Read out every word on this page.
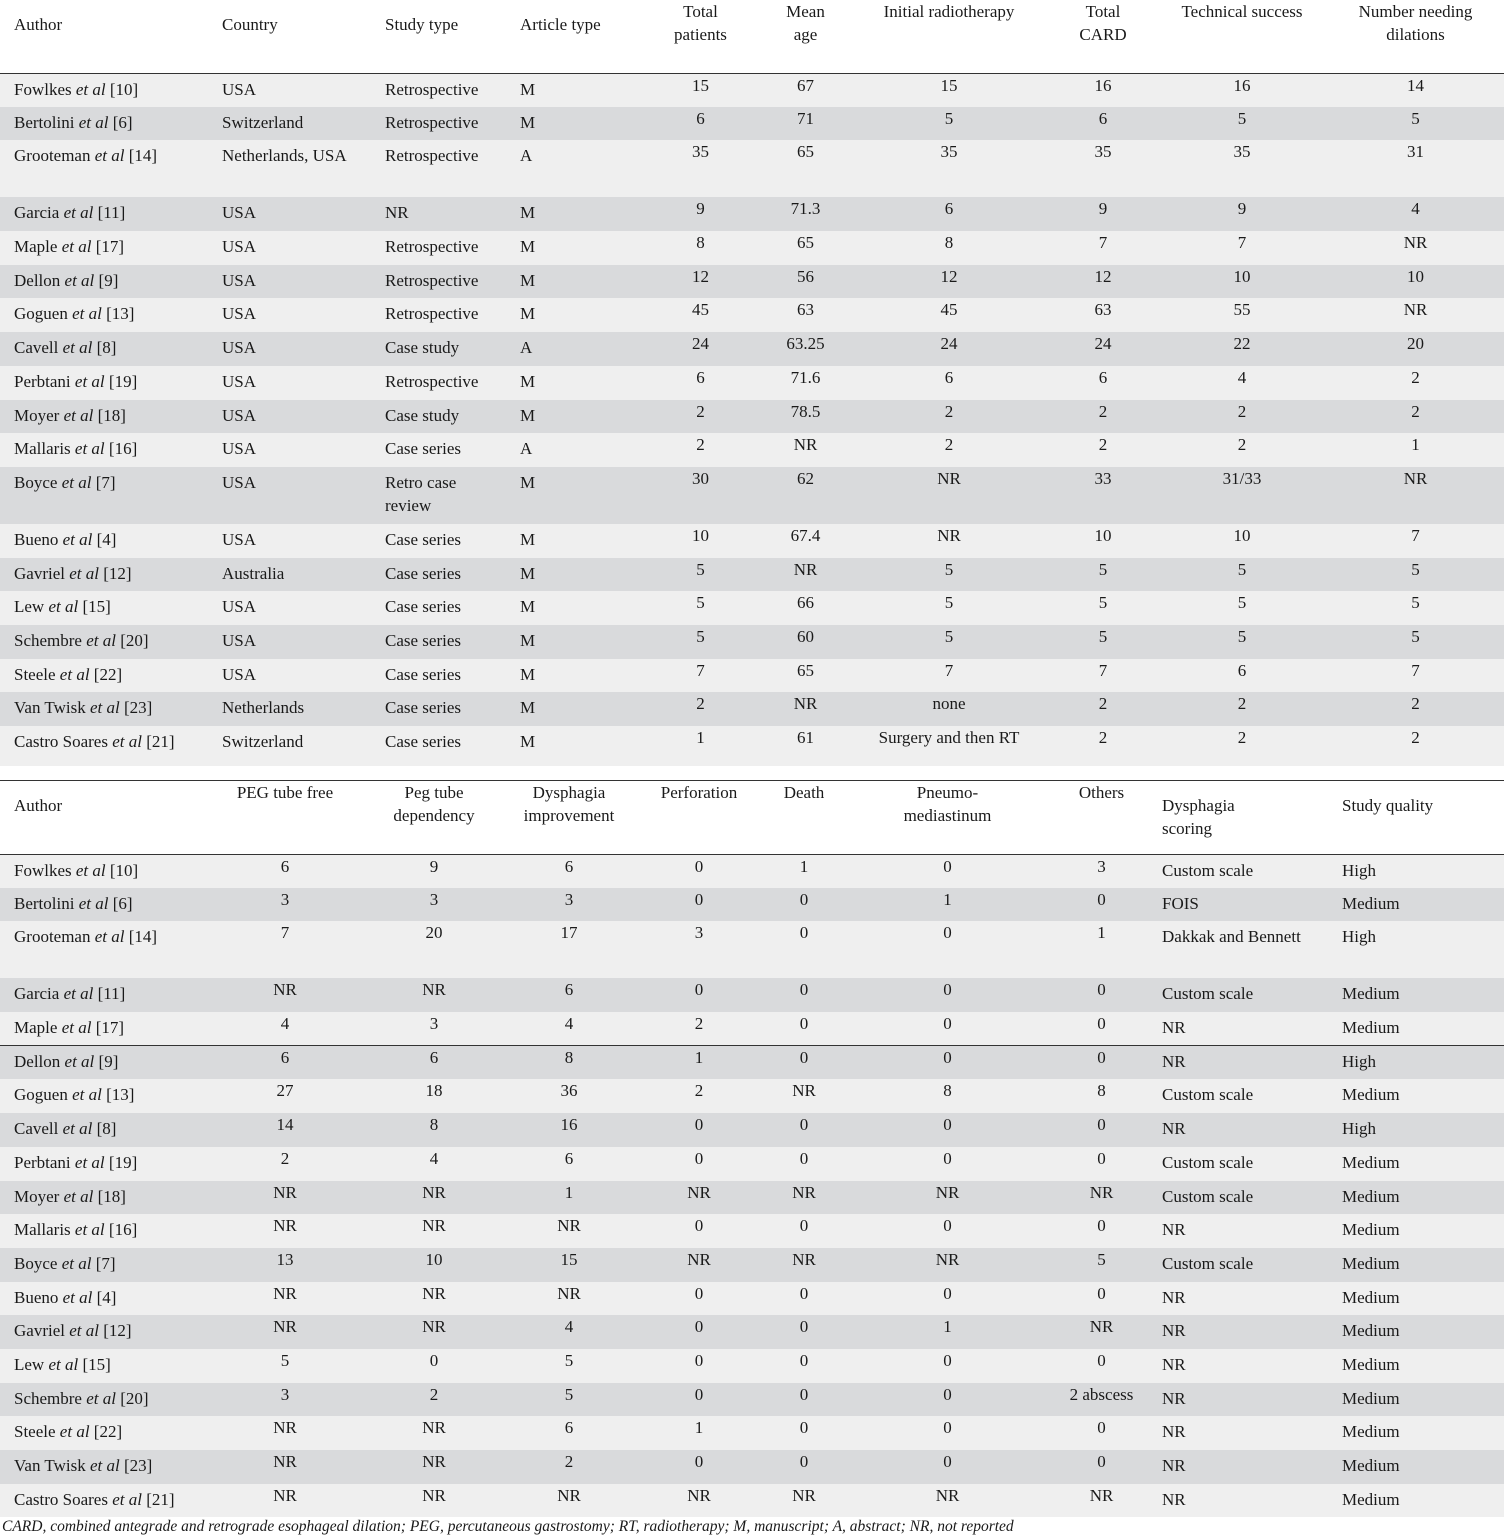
Author	Country	Study type	Article type	Total patients	Mean age	Initial radiotherapy	Total CARD	Technical success	Number needing dilations
Fowlkes et al [10]	USA	Retrospective	M	15	67	15	16	16	14
Bertolini et al [6]	Switzerland	Retrospective	M	6	71	5	6	5	5
Grooteman et al [14]	Netherlands, USA	Retrospective	A	35	65	35	35	35	31
Garcia et al [11]	USA	NR	M	9	71.3	6	9	9	4
Maple et al [17]	USA	Retrospective	M	8	65	8	7	7	NR
Dellon et al [9]	USA	Retrospective	M	12	56	12	12	10	10
Goguen et al [13]	USA	Retrospective	M	45	63	45	63	55	NR
Cavell et al [8]	USA	Case study	A	24	63.25	24	24	22	20
Perbtani et al [19]	USA	Retrospective	M	6	71.6	6	6	4	2
Moyer et al [18]	USA	Case study	M	2	78.5	2	2	2	2
Mallaris et al [16]	USA	Case series	A	2	NR	2	2	2	1
Boyce et al [7]	USA	Retro case review	M	30	62	NR	33	31/33	NR
Bueno et al [4]	USA	Case series	M	10	67.4	NR	10	10	7
Gavriel et al [12]	Australia	Case series	M	5	NR	5	5	5	5
Lew et al [15]	USA	Case series	M	5	66	5	5	5	5
Schembre et al [20]	USA	Case series	M	5	60	5	5	5	5
Steele et al [22]	USA	Case series	M	7	65	7	7	6	7
Van Twisk et al [23]	Netherlands	Case series	M	2	NR	none	2	2	2
Castro Soares et al [21]	Switzerland	Case series	M	1	61	Surgery and then RT	2	2	2
Author	PEG tube free	Peg tube dependency	Dysphagia improvement	Perforation	Death	Pneumo-mediastinum	Others	Dysphagia scoring	Study quality
Fowlkes et al [10]	6	9	6	0	1	0	3	Custom scale	High
Bertolini et al [6]	3	3	3	0	0	1	0	FOIS	Medium
Grooteman et al [14]	7	20	17	3	0	0	1	Dakkak and Bennett	High
Garcia et al [11]	NR	NR	6	0	0	0	0	Custom scale	Medium
Maple et al [17]	4	3	4	2	0	0	0	NR	Medium
Dellon et al [9]	6	6	8	1	0	0	0	NR	High
Goguen et al [13]	27	18	36	2	NR	8	8	Custom scale	Medium
Cavell et al [8]	14	8	16	0	0	0	0	NR	High
Perbtani et al [19]	2	4	6	0	0	0	0	Custom scale	Medium
Moyer et al [18]	NR	NR	1	NR	NR	NR	NR	Custom scale	Medium
Mallaris et al [16]	NR	NR	NR	0	0	0	0	NR	Medium
Boyce et al [7]	13	10	15	NR	NR	NR	5	Custom scale	Medium
Bueno et al [4]	NR	NR	NR	0	0	0	0	NR	Medium
Gavriel et al [12]	NR	NR	4	0	0	1	NR	NR	Medium
Lew et al [15]	5	0	5	0	0	0	0	NR	Medium
Schembre et al [20]	3	2	5	0	0	0	2 abscess	NR	Medium
Steele et al [22]	NR	NR	6	1	0	0	0	NR	Medium
Van Twisk et al [23]	NR	NR	2	0	0	0	0	NR	Medium
Castro Soares et al [21]	NR	NR	NR	NR	NR	NR	NR	NR	Medium
CARD, combined antegrade and retrograde esophageal dilation; PEG, percutaneous gastrostomy; RT, radiotherapy; M, manuscript; A, abstract; NR, not reported
